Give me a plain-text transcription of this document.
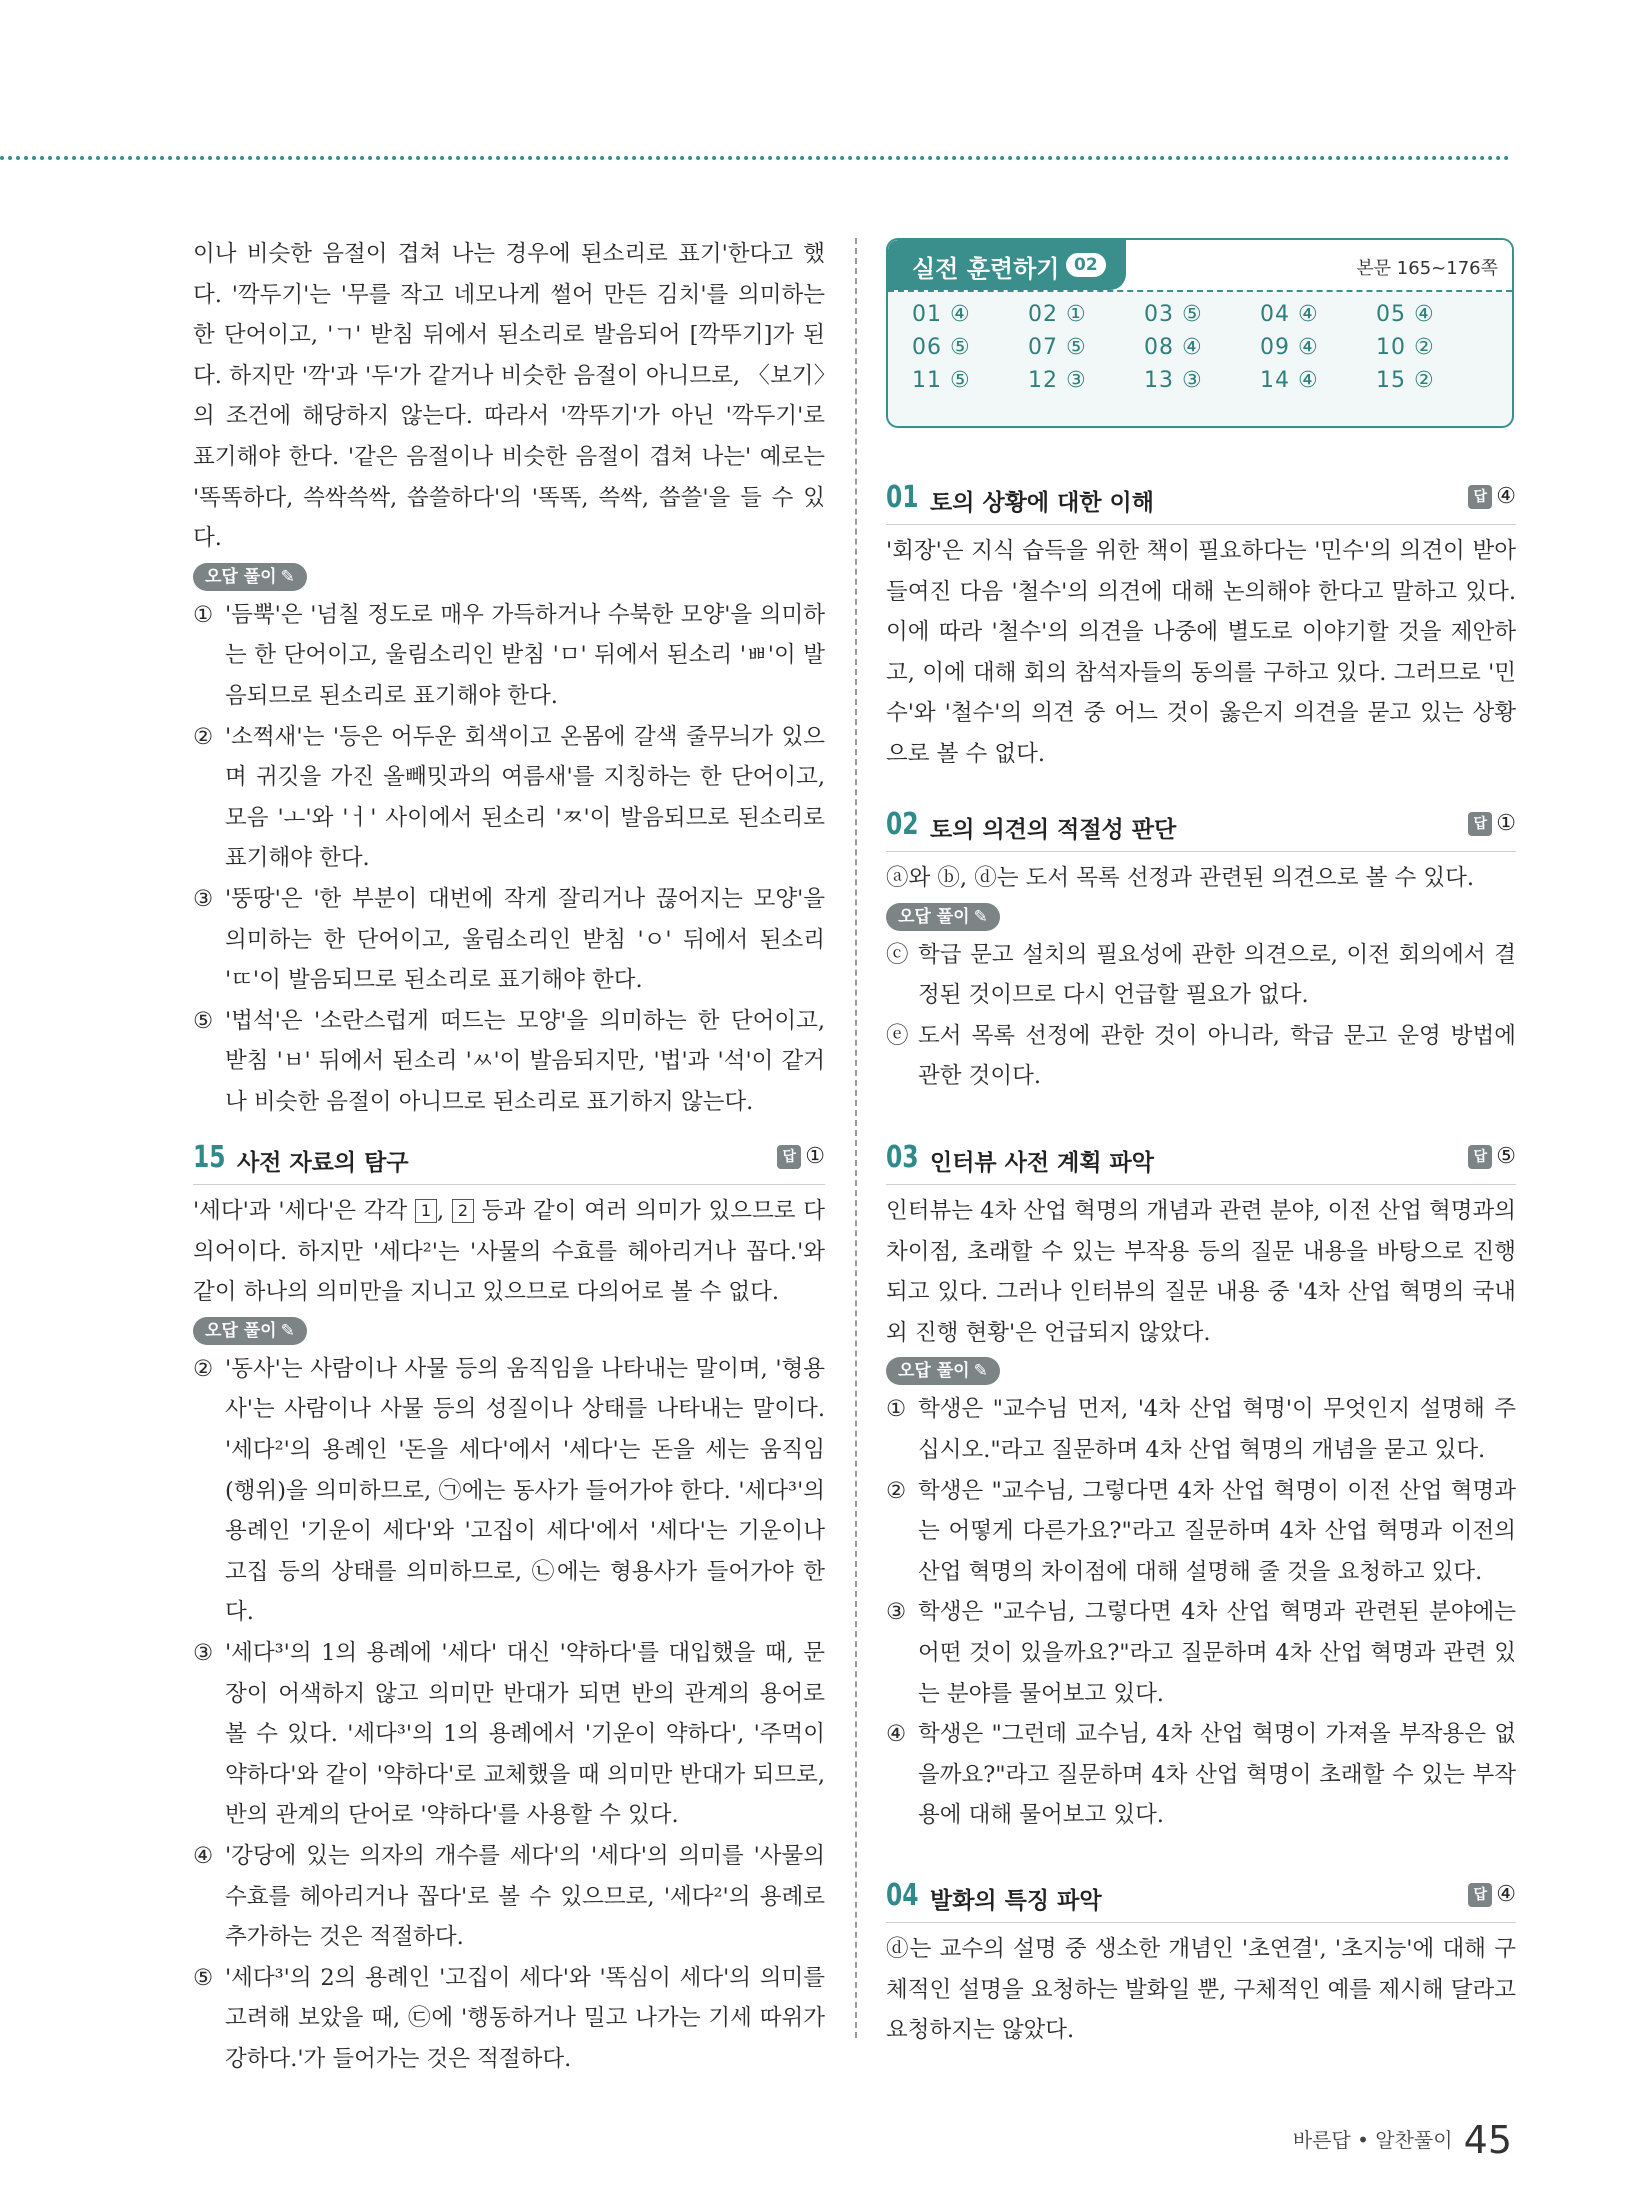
이나 비슷한 음절이 겹쳐 나는 경우에 된소리로 표기'한다고 했다. '깍두기'는 '무를 작고 네모나게 썰어 만든 김치'를 의미하는 한 단어이고, 'ㄱ' 받침 뒤에서 된소리로 발음되어 [깍뚜기]가 된다. 하지만 '깍'과 '두'가 같거나 비슷한 음절이 아니므로, 〈보기〉의 조건에 해당하지 않는다. 따라서 '깍뚜기'가 아닌 '깍두기'로 표기해야 한다. '같은 음절이나 비슷한 음절이 겹쳐 나는' 예로는 '똑똑하다, 쓱싹쓱싹, 씁쓸하다'의 '똑똑, 쓱싹, 씁쓸'을 들 수 있다.

오답 풀이 ✎

① '듬뿍'은 '넘칠 정도로 매우 가득하거나 수북한 모양'을 의미하는 한 단어이고, 울림소리인 받침 'ㅁ' 뒤에서 된소리 'ㅃ'이 발음되므로 된소리로 표기해야 한다.

② '소쩍새'는 '등은 어두운 회색이고 온몸에 갈색 줄무늬가 있으며 귀깃을 가진 올빼밋과의 여름새'를 지칭하는 한 단어이고, 모음 'ㅗ'와 'ㅓ' 사이에서 된소리 'ㅉ'이 발음되므로 된소리로 표기해야 한다.

③ '뚱땅'은 '한 부분이 대번에 작게 잘리거나 끊어지는 모양'을 의미하는 한 단어이고, 울림소리인 받침 'ㅇ' 뒤에서 된소리 'ㄸ'이 발음되므로 된소리로 표기해야 한다.

⑤ '법석'은 '소란스럽게 떠드는 모양'을 의미하는 한 단어이고, 받침 'ㅂ' 뒤에서 된소리 'ㅆ'이 발음되지만, '법'과 '석'이 같거나 비슷한 음절이 아니므로 된소리로 표기하지 않는다.

15 사전 자료의 탐구	답 ①

'세다'과 '세다'은 각각 1 , 2 등과 같이 여러 의미가 있으므로 다의어이다. 하지만 '세다²'는 '사물의 수효를 헤아리거나 꼽다.'와 같이 하나의 의미만을 지니고 있으므로 다의어로 볼 수 없다.

오답 풀이 ✎

② '동사'는 사람이나 사물 등의 움직임을 나타내는 말이며, '형용사'는 사람이나 사물 등의 성질이나 상태를 나타내는 말이다. '세다²'의 용례인 '돈을 세다'에서 '세다'는 돈을 세는 움직임(행위)을 의미하므로, ㉠에는 동사가 들어가야 한다. '세다³'의 용례인 '기운이 세다'와 '고집이 세다'에서 '세다'는 기운이나 고집 등의 상태를 의미하므로, ㉡에는 형용사가 들어가야 한다.

③ '세다³'의 1의 용례에 '세다' 대신 '약하다'를 대입했을 때, 문장이 어색하지 않고 의미만 반대가 되면 반의 관계의 용어로 볼 수 있다. '세다³'의 1의 용례에서 '기운이 약하다', '주먹이 약하다'와 같이 '약하다'로 교체했을 때 의미만 반대가 되므로, 반의 관계의 단어로 '약하다'를 사용할 수 있다.

④ '강당에 있는 의자의 개수를 세다'의 '세다'의 의미를 '사물의 수효를 헤아리거나 꼽다'로 볼 수 있으므로, '세다²'의 용례로 추가하는 것은 적절하다.

⑤ '세다³'의 2의 용례인 '고집이 세다'와 '똑심이 세다'의 의미를 고려해 보았을 때, ㉢에 '행동하거나 밀고 나가는 기세 따위가 강하다.'가 들어가는 것은 적절하다.

실전 훈련하기 02	본문 165~176쪽
01 ④	02 ①	03 ⑤	04 ④	05 ④
06 ⑤	07 ⑤	08 ④	09 ④	10 ②
11 ⑤	12 ③	13 ③	14 ④	15 ②
01 토의 상황에 대한 이해	답 ④

'회장'은 지식 습득을 위한 책이 필요하다는 '민수'의 의견이 받아들여진 다음 '철수'의 의견에 대해 논의해야 한다고 말하고 있다. 이에 따라 '철수'의 의견을 나중에 별도로 이야기할 것을 제안하고, 이에 대해 회의 참석자들의 동의를 구하고 있다. 그러므로 '민수'와 '철수'의 의견 중 어느 것이 옳은지 의견을 묻고 있는 상황으로 볼 수 없다.

02 토의 의견의 적절성 판단	답 ①

ⓐ와 ⓑ, ⓓ는 도서 목록 선정과 관련된 의견으로 볼 수 있다.

오답 풀이 ✎

ⓒ 학급 문고 설치의 필요성에 관한 의견으로, 이전 회의에서 결정된 것이므로 다시 언급할 필요가 없다.

ⓔ 도서 목록 선정에 관한 것이 아니라, 학급 문고 운영 방법에 관한 것이다.

03 인터뷰 사전 계획 파악	답 ⑤

인터뷰는 4차 산업 혁명의 개념과 관련 분야, 이전 산업 혁명과의 차이점, 초래할 수 있는 부작용 등의 질문 내용을 바탕으로 진행되고 있다. 그러나 인터뷰의 질문 내용 중 '4차 산업 혁명의 국내외 진행 현황'은 언급되지 않았다.

오답 풀이 ✎

① 학생은 "교수님 먼저, '4차 산업 혁명'이 무엇인지 설명해 주십시오."라고 질문하며 4차 산업 혁명의 개념을 묻고 있다.

② 학생은 "교수님, 그렇다면 4차 산업 혁명이 이전 산업 혁명과는 어떻게 다른가요?"라고 질문하며 4차 산업 혁명과 이전의 산업 혁명의 차이점에 대해 설명해 줄 것을 요청하고 있다.

③ 학생은 "교수님, 그렇다면 4차 산업 혁명과 관련된 분야에는 어떤 것이 있을까요?"라고 질문하며 4차 산업 혁명과 관련 있는 분야를 물어보고 있다.

④ 학생은 "그런데 교수님, 4차 산업 혁명이 가져올 부작용은 없을까요?"라고 질문하며 4차 산업 혁명이 초래할 수 있는 부작용에 대해 물어보고 있다.

04 발화의 특징 파악	답 ④

ⓓ는 교수의 설명 중 생소한 개념인 '초연결', '초지능'에 대해 구체적인 설명을 요청하는 발화일 뿐, 구체적인 예를 제시해 달라고 요청하지는 않았다.

바른답 • 알찬풀이 45
